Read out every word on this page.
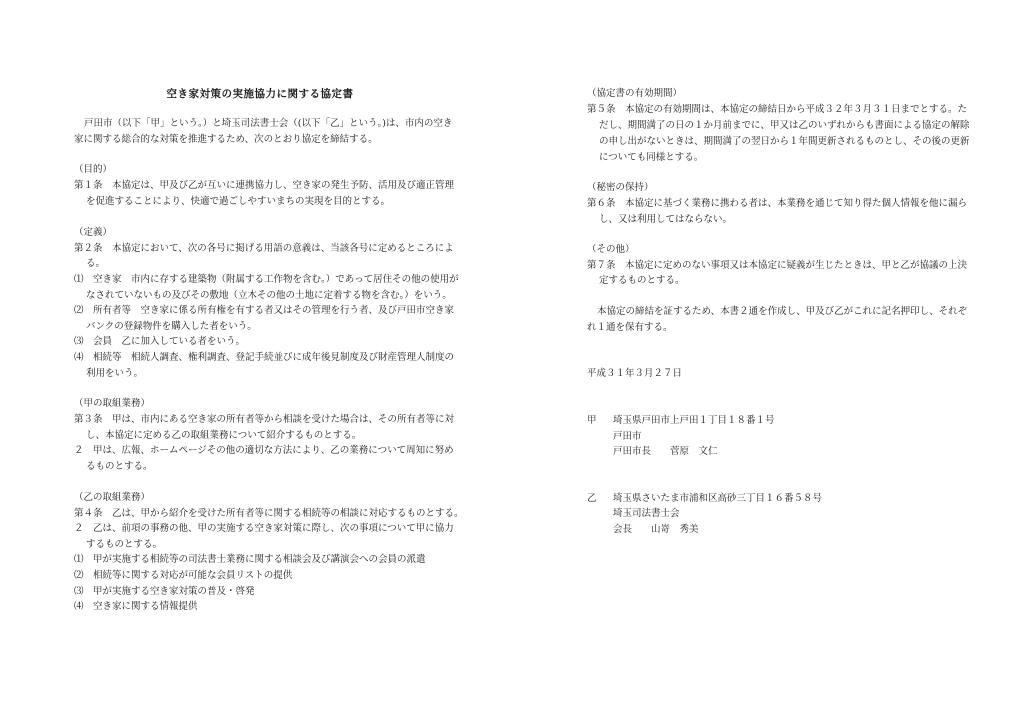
空き家対策の実施協力に関する協定書
戸田市（以下「甲」という。）と埼玉司法書士会（(以下「乙」という。)は、市内の空き
家に関する総合的な対策を推進するため、次のとおり協定を締結する。
（目的）
第１条　本協定は、甲及び乙が互いに連携協力し、空き家の発生予防、活用及び適正管理
を促進することにより、快適で過ごしやすいまちの実現を目的とする。
（定義）
第２条　本協定において、次の各号に掲げる用語の意義は、当該各号に定めるところによ
る。
⑴　空き家　市内に存する建築物（附属する工作物を含む。）であって居住その他の使用が
なされていないもの及びその敷地（立木その他の土地に定着する物を含む。）をいう。
⑵　所有者等　空き家に係る所有権を有する者又はその管理を行う者、及び戸田市空き家
バンクの登録物件を購入した者をいう。
⑶　会員　乙に加入している者をいう。
⑷　相続等　相続人調査、権利調査、登記手続並びに成年後見制度及び財産管理人制度の
利用をいう。
（甲の取組業務）
第３条　甲は、市内にある空き家の所有者等から相談を受けた場合は、その所有者等に対
し、本協定に定める乙の取組業務について紹介するものとする。
２　甲は、広報、ホームページその他の適切な方法により、乙の業務について周知に努め
るものとする。
（乙の取組業務）
第４条　乙は、甲から紹介を受けた所有者等に関する相続等の相談に対応するものとする。
２　乙は、前項の事務の他、甲の実施する空き家対策に際し、次の事項について甲に協力
するものとする。
⑴　甲が実施する相続等の司法書士業務に関する相談会及び講演会への会員の派遣
⑵　相続等に関する対応が可能な会員リストの提供
⑶　甲が実施する空き家対策の普及・啓発
⑷　空き家に関する情報提供
（協定書の有効期間）
第５条　本協定の有効期間は、本協定の締結日から平成３２年３月３１日までとする。た
だし、期間満了の日の１か月前までに、甲又は乙のいずれからも書面による協定の解除
の申し出がないときは、期間満了の翌日から１年間更新されるものとし、その後の更新
についても同様とする。
（秘密の保持）
第６条　本協定に基づく業務に携わる者は、本業務を通じて知り得た個人情報を他に漏ら
し、又は利用してはならない。
（その他）
第７条　本協定に定めのない事項又は本協定に疑義が生じたときは、甲と乙が協議の上決
定するものとする。
本協定の締結を証するため、本書２通を作成し、甲及び乙がこれに記名押印し、それぞ
れ１通を保有する。
平成３１年３月２７日
甲 埼玉県戸田市上戸田１丁目１８番１号
戸田市
戸田市長　　菅原　文仁
乙 埼玉県さいたま市浦和区高砂三丁目１６番５８号
埼玉司法書士会
会長　　山嵜　秀美
